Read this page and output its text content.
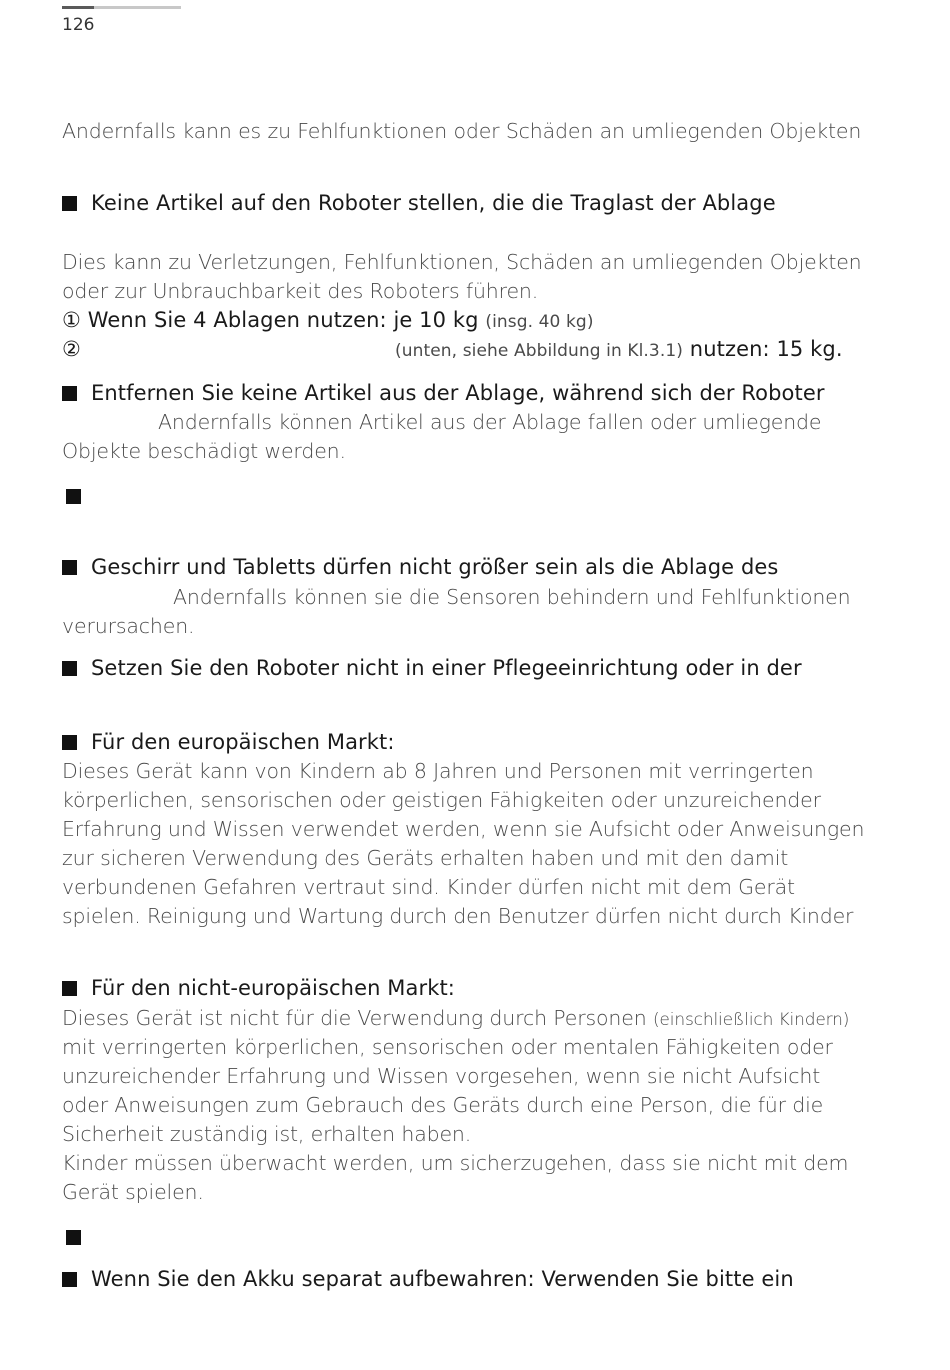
126
Andernfalls kann es zu Fehlfunktionen oder Schäden an umliegenden Objekten
Keine Artikel auf den Roboter stellen, die die Traglast der Ablage
Dies kann zu Verletzungen, Fehlfunktionen, Schäden an umliegenden Objekten
oder zur Unbrauchbarkeit des Roboters führen.
① Wenn Sie 4 Ablagen nutzen: je 10 kg (insg. 40 kg)
②	(unten, siehe Abbildung in Kl.3.1) nutzen: 15 kg.
Entfernen Sie keine Artikel aus der Ablage, während sich der Roboter
Andernfalls können Artikel aus der Ablage fallen oder umliegende
Objekte beschädigt werden.
Geschirr und Tabletts dürfen nicht größer sein als die Ablage des
Andernfalls können sie die Sensoren behindern und Fehlfunktionen
verursachen.
Setzen Sie den Roboter nicht in einer Pflegeeinrichtung oder in der
Für den europäischen Markt:
Dieses Gerät kann von Kindern ab 8 Jahren und Personen mit verringerten
körperlichen, sensorischen oder geistigen Fähigkeiten oder unzureichender
Erfahrung und Wissen verwendet werden, wenn sie Aufsicht oder Anweisungen
zur sicheren Verwendung des Geräts erhalten haben und mit den damit
verbundenen Gefahren vertraut sind. Kinder dürfen nicht mit dem Gerät
spielen. Reinigung und Wartung durch den Benutzer dürfen nicht durch Kinder
Für den nicht-europäischen Markt:
Dieses Gerät ist nicht für die Verwendung durch Personen (einschließlich Kindern)
mit verringerten körperlichen, sensorischen oder mentalen Fähigkeiten oder
unzureichender Erfahrung und Wissen vorgesehen, wenn sie nicht Aufsicht
oder Anweisungen zum Gebrauch des Geräts durch eine Person, die für die
Sicherheit zuständig ist, erhalten haben.
Kinder müssen überwacht werden, um sicherzugehen, dass sie nicht mit dem
Gerät spielen.
Wenn Sie den Akku separat aufbewahren: Verwenden Sie bitte ein
